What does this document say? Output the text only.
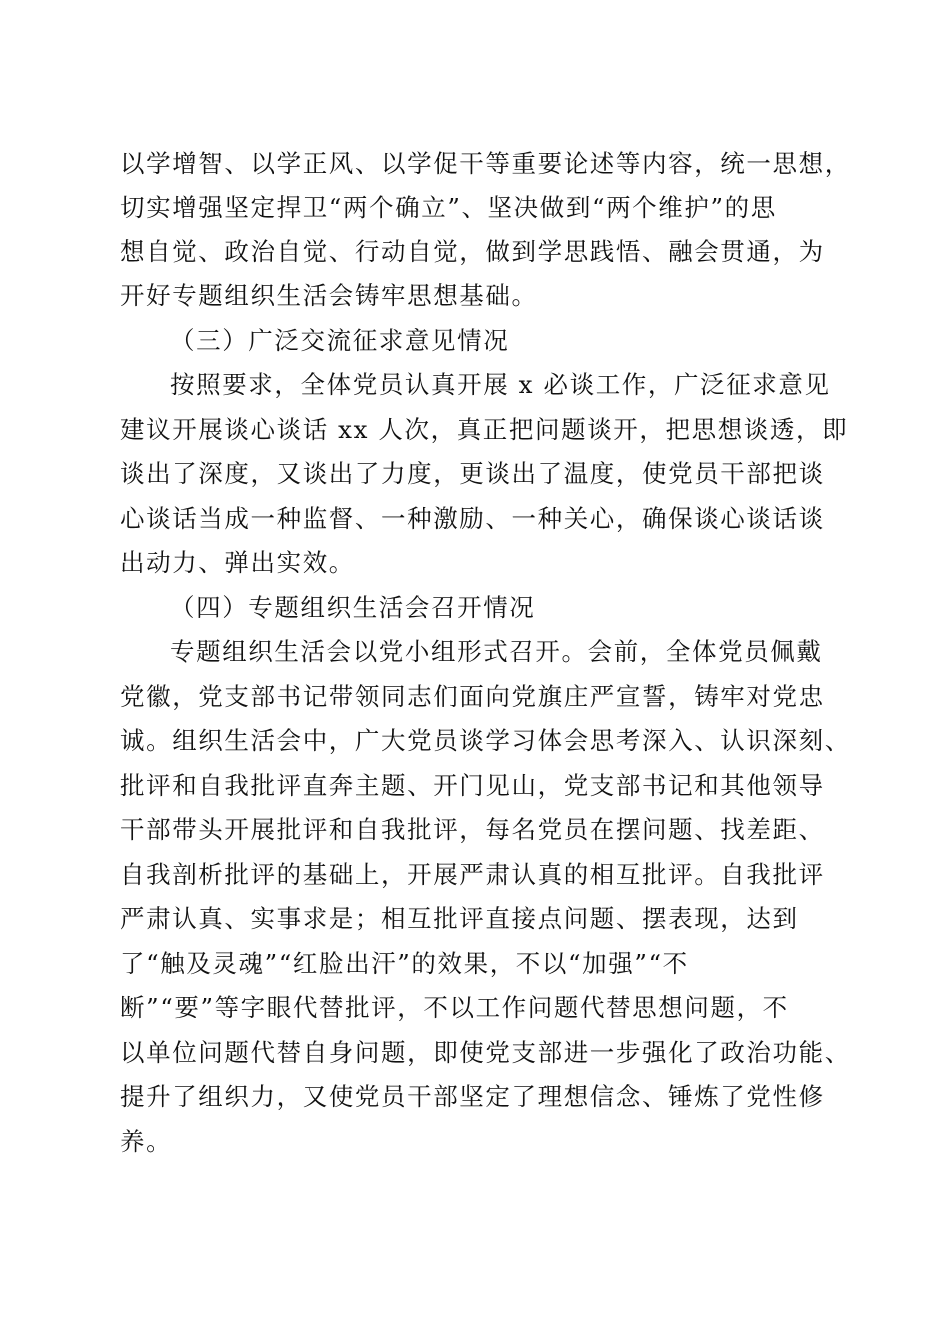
以学增智、以学正风、以学促干等重要论述等内容，统一思想，
切实增强坚定捍卫“两个确立”、坚决做到“两个维护”的思
想自觉、政治自觉、行动自觉，做到学思践悟、融会贯通，为
开好专题组织生活会铸牢思想基础。
（三）广泛交流征求意见情况
按照要求，全体党员认真开展 x 必谈工作，广泛征求意见
建议开展谈心谈话 xx 人次，真正把问题谈开，把思想谈透，即
谈出了深度，又谈出了力度，更谈出了温度，使党员干部把谈
心谈话当成一种监督、一种激励、一种关心，确保谈心谈话谈
出动力、弹出实效。
（四）专题组织生活会召开情况
专题组织生活会以党小组形式召开。会前，全体党员佩戴
党徽，党支部书记带领同志们面向党旗庄严宣誓，铸牢对党忠
诚。组织生活会中，广大党员谈学习体会思考深入、认识深刻、
批评和自我批评直奔主题、开门见山，党支部书记和其他领导
干部带头开展批评和自我批评，每名党员在摆问题、找差距、
自我剖析批评的基础上，开展严肃认真的相互批评。自我批评
严肃认真、实事求是；相互批评直接点问题、摆表现，达到
了“触及灵魂”“红脸出汗”的效果，不以“加强”“不
断”“要”等字眼代替批评，不以工作问题代替思想问题，不
以单位问题代替自身问题，即使党支部进一步强化了政治功能、
提升了组织力，又使党员干部坚定了理想信念、锤炼了党性修
养。
